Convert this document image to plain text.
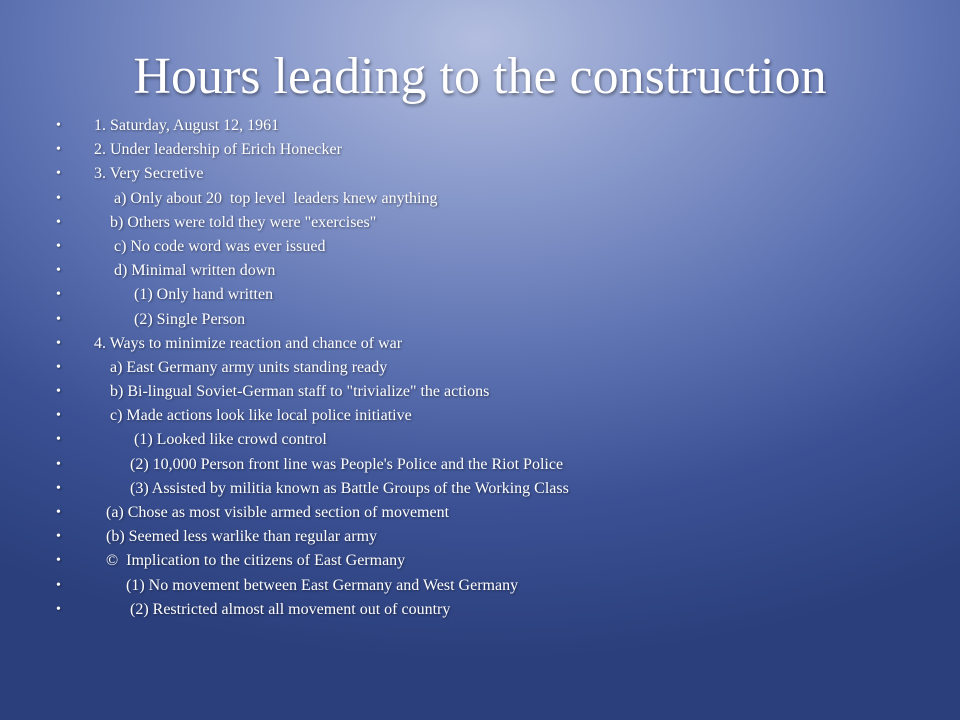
Hours leading to the construction
•	1. Saturday, August 12, 1961
•	2. Under leadership of Erich Honecker
•	3. Very Secretive
•	a) Only about 20  top level  leaders knew anything
•	b) Others were told they were "exercises"
•	c) No code word was ever issued
•	d) Minimal written down
•	(1) Only hand written
•	(2) Single Person
•	4. Ways to minimize reaction and chance of war
•	a) East Germany army units standing ready
•	b) Bi-lingual Soviet-German staff to "trivialize" the actions
•	c) Made actions look like local police initiative
•	(1) Looked like crowd control
•	(2) 10,000 Person front line was People's Police and the Riot Police
•	(3) Assisted by militia known as Battle Groups of the Working Class
•	(a) Chose as most visible armed section of movement
•	(b) Seemed less warlike than regular army
•	©  Implication to the citizens of East Germany
•	(1) No movement between East Germany and West Germany
•	(2) Restricted almost all movement out of country
